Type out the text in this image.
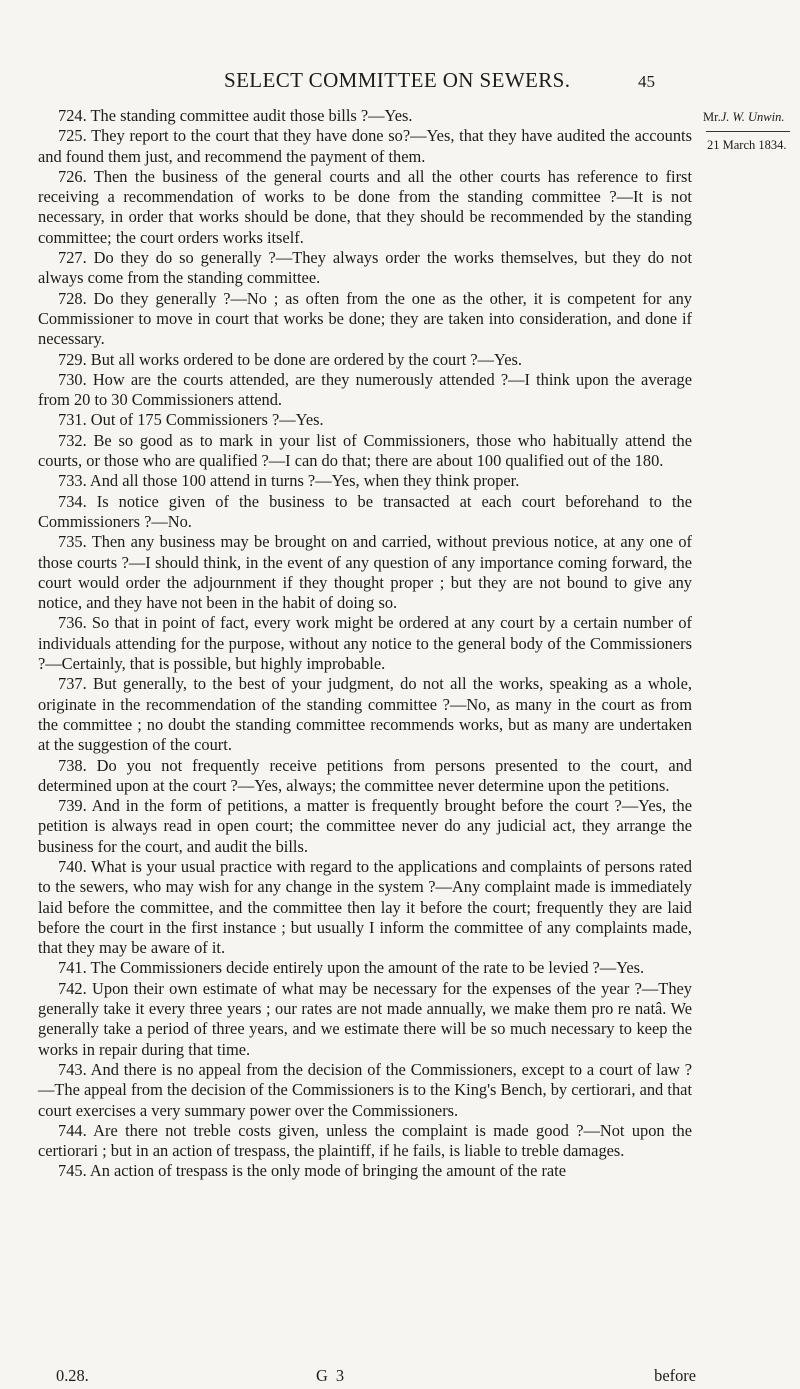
SELECT COMMITTEE ON SEWERS.	45
Mr.J. W. Unwin.
21 March 1834.

724. The standing committee audit those bills ?—Yes.

725. They report to the court that they have done so?—Yes, that they have audited the accounts and found them just, and recommend the payment of them.

726. Then the business of the general courts and all the other courts has reference to first receiving a recommendation of works to be done from the standing committee ?—It is not necessary, in order that works should be done, that they should be recommended by the standing committee; the court orders works itself.

727. Do they do so generally ?—They always order the works themselves, but they do not always come from the standing committee.

728. Do they generally ?—No ; as often from the one as the other, it is competent for any Commissioner to move in court that works be done; they are taken into consideration, and done if necessary.

729. But all works ordered to be done are ordered by the court ?—Yes.

730. How are the courts attended, are they numerously attended ?—I think upon the average from 20 to 30 Commissioners attend.

731. Out of 175 Commissioners ?—Yes.

732. Be so good as to mark in your list of Commissioners, those who habitually attend the courts, or those who are qualified ?—I can do that; there are about 100 qualified out of the 180.

733. And all those 100 attend in turns ?—Yes, when they think proper.

734. Is notice given of the business to be transacted at each court beforehand to the Commissioners ?—No.

735. Then any business may be brought on and carried, without previous notice, at any one of those courts ?—I should think, in the event of any question of any importance coming forward, the court would order the adjournment if they thought proper ; but they are not bound to give any notice, and they have not been in the habit of doing so.

736. So that in point of fact, every work might be ordered at any court by a certain number of individuals attending for the purpose, without any notice to the general body of the Commissioners ?—Certainly, that is possible, but highly improbable.

737. But generally, to the best of your judgment, do not all the works, speaking as a whole, originate in the recommendation of the standing committee ?—No, as many in the court as from the committee ; no doubt the standing committee recommends works, but as many are undertaken at the suggestion of the court.

738. Do you not frequently receive petitions from persons presented to the court, and determined upon at the court ?—Yes, always; the committee never determine upon the petitions.

739. And in the form of petitions, a matter is frequently brought before the court ?—Yes, the petition is always read in open court; the committee never do any judicial act, they arrange the business for the court, and audit the bills.

740. What is your usual practice with regard to the applications and complaints of persons rated to the sewers, who may wish for any change in the system ?—Any complaint made is immediately laid before the committee, and the committee then lay it before the court; frequently they are laid before the court in the first instance ; but usually I inform the committee of any complaints made, that they may be aware of it.

741. The Commissioners decide entirely upon the amount of the rate to be levied ?—Yes.

742. Upon their own estimate of what may be necessary for the expenses of the year ?—They generally take it every three years ; our rates are not made annually, we make them pro re natâ. We generally take a period of three years, and we estimate there will be so much necessary to keep the works in repair during that time.

743. And there is no appeal from the decision of the Commissioners, except to a court of law ?—The appeal from the decision of the Commissioners is to the King's Bench, by certiorari, and that court exercises a very summary power over the Commissioners.

744. Are there not treble costs given, unless the complaint is made good ?—Not upon the certiorari ; but in an action of trespass, the plaintiff, if he fails, is liable to treble damages.

745. An action of trespass is the only mode of bringing the amount of the rate

0.28.	G 3	before
